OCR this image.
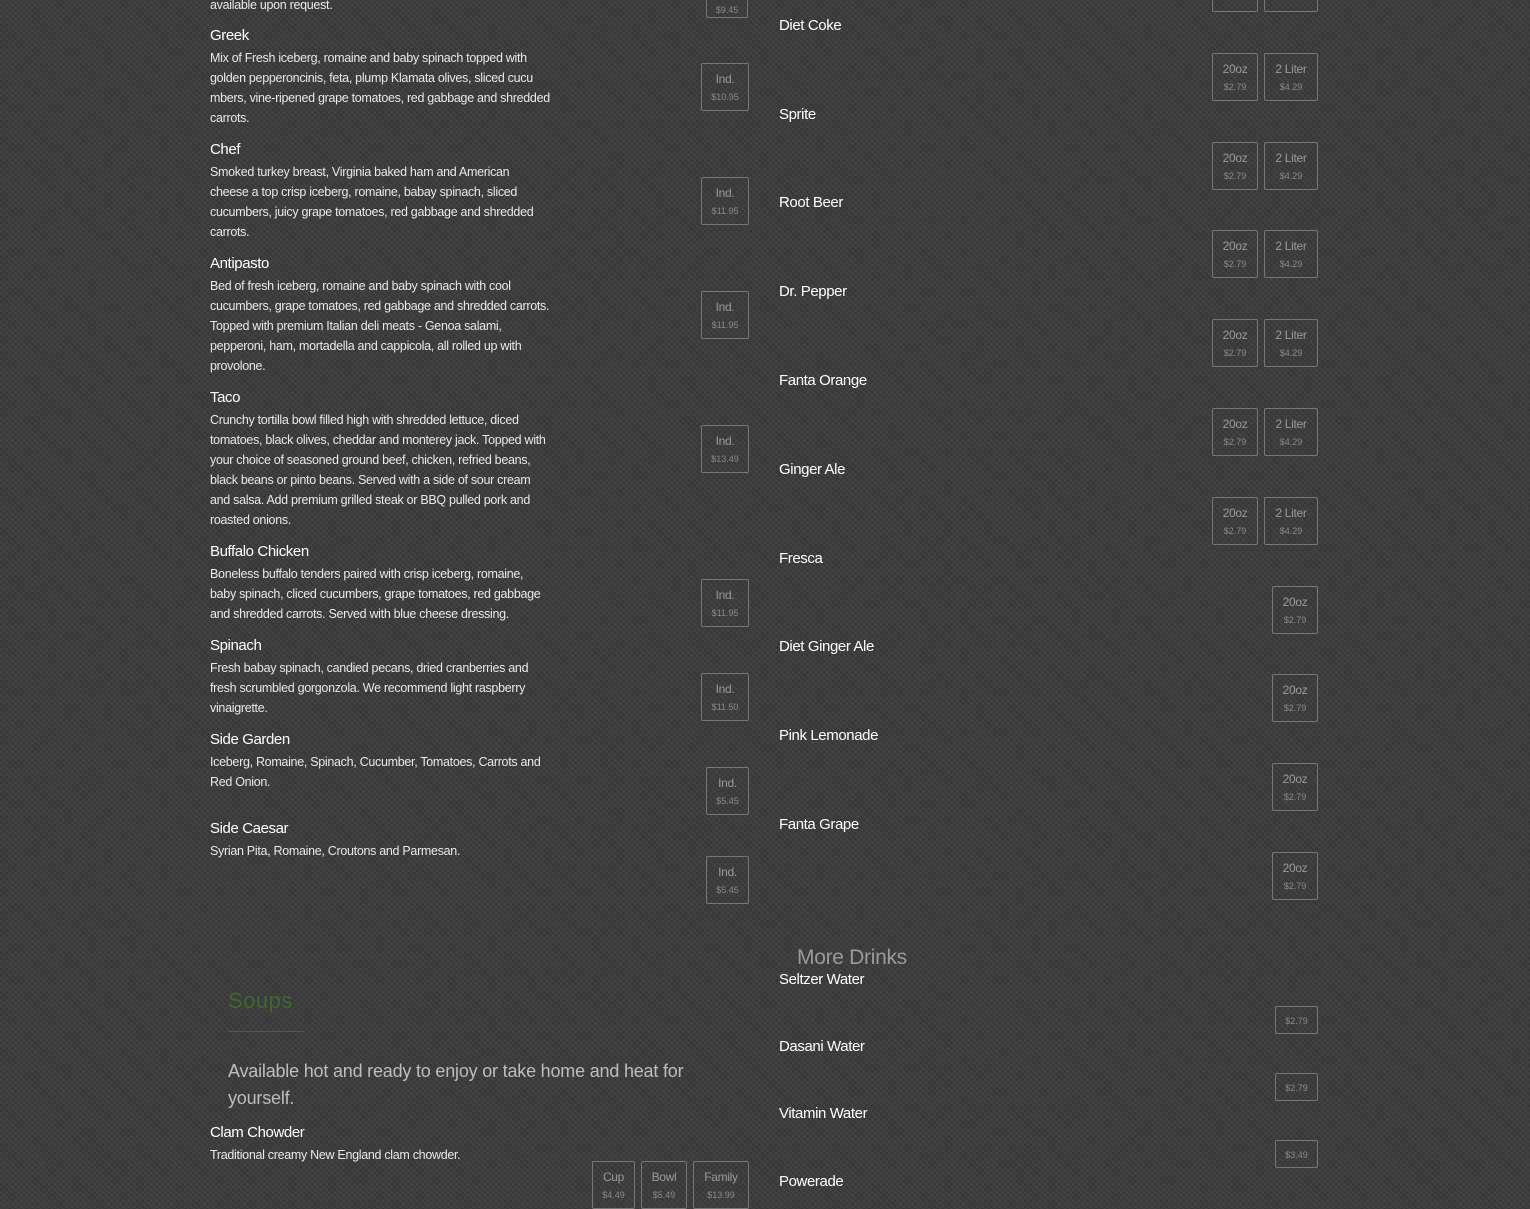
available upon request.	$9.45
Greek
Mix of Fresh iceberg, romaine and baby spinach topped with golden pepperoncinis, feta, plump Klamata olives, sliced cucu mbers, vine-ripened grape tomatoes, red gabbage and shredded carrots.
Ind.
$10.95
Chef
Smoked turkey breast, Virginia baked ham and American cheese a top crisp iceberg, romaine, babay spinach, sliced cucumbers, juicy grape tomatoes, red gabbage and shredded carrots.
Ind.
$11.95
Antipasto
Bed of fresh iceberg, romaine and baby spinach with cool cucumbers, grape tomatoes, red gabbage and shredded carrots. Topped with premium Italian deli meats - Genoa salami, pepperoni, ham, mortadella and cappicola, all rolled up with provolone.
Ind.
$11.95
Taco
Crunchy tortilla bowl filled high with shredded lettuce, diced tomatoes, black olives, cheddar and monterey jack. Topped with your choice of seasoned ground beef, chicken, refried beans, black beans or pinto beans. Served with a side of sour cream and salsa. Add premium grilled steak or BBQ pulled pork and roasted onions.
Ind.
$13.49
Buffalo Chicken
Boneless buffalo tenders paired with crisp iceberg, romaine, baby spinach, cliced cucumbers, grape tomatoes, red gabbage and shredded carrots. Served with blue cheese dressing.
Ind.
$11.95
Spinach
Fresh babay spinach, candied pecans, dried cranberries and fresh scrumbled gorgonzola. We recommend light raspberry vinaigrette.
Ind.
$11.50
Side Garden
Iceberg, Romaine, Spinach, Cucumber, Tomatoes, Carrots and Red Onion.	Ind.
$5.45
Side Caesar
Syrian Pita, Romaine, Croutons and Parmesan.
Ind.
$5.45
Soups
Available hot and ready to enjoy or take home and heat for yourself.
Clam Chowder
Traditional creamy New England clam chowder.
Cup
$4.49
Bowl
$5.49
Family
$13.99
Diet Coke
20oz
$2.79
2 Liter
$4.29
Sprite
20oz
$2.79
2 Liter
$4.29
Root Beer
20oz
$2.79
2 Liter
$4.29
Dr. Pepper
20oz
$2.79
2 Liter
$4.29
Fanta Orange
20oz
$2.79
2 Liter
$4.29
Ginger Ale
20oz
$2.79
2 Liter
$4.29
Fresca
20oz
$2.79
Diet Ginger Ale
20oz
$2.79
Pink Lemonade
20oz
$2.79
Fanta Grape
20oz
$2.79
More Drinks
Seltzer Water
$2.79
Dasani Water
$2.79
Vitamin Water
$3.49
Powerade
